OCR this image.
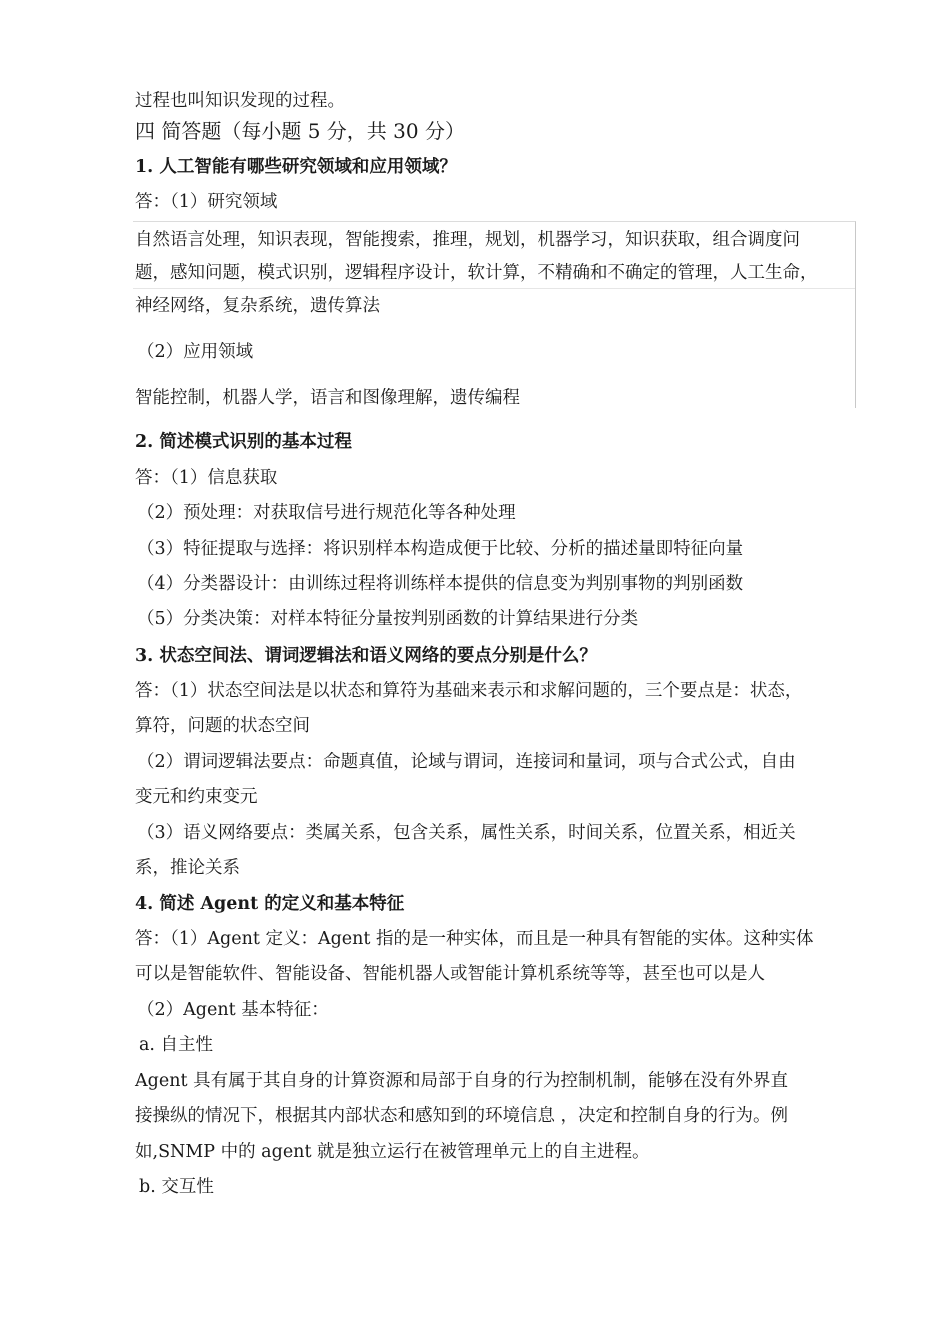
过程也叫知识发现的过程。
四 简答题（每小题 5 分，共 30 分）
1. 人工智能有哪些研究领域和应用领域？
答：（1）研究领域
自然语言处理，知识表现，智能搜索，推理，规划，机器学习，知识获取，组合调度问
题，感知问题，模式识别，逻辑程序设计，软计算，不精确和不确定的管理，人工生命，
神经网络，复杂系统，遗传算法
（2）应用领域
智能控制，机器人学，语言和图像理解，遗传编程
2. 简述模式识别的基本过程
答：（1）信息获取
（2）预处理：对获取信号进行规范化等各种处理
（3）特征提取与选择：将识别样本构造成便于比较、分析的描述量即特征向量
（4）分类器设计：由训练过程将训练样本提供的信息变为判别事物的判别函数
（5）分类决策：对样本特征分量按判别函数的计算结果进行分类
3. 状态空间法、谓词逻辑法和语义网络的要点分别是什么？
答：（1）状态空间法是以状态和算符为基础来表示和求解问题的，三个要点是：状态，
算符，问题的状态空间
（2）谓词逻辑法要点：命题真值，论域与谓词，连接词和量词，项与合式公式，自由
变元和约束变元
（3）语义网络要点：类属关系，包含关系，属性关系，时间关系，位置关系，相近关
系，推论关系
4. 简述 Agent 的定义和基本特征
答：（1）Agent 定义：Agent 指的是一种实体，而且是一种具有智能的实体。这种实体
可以是智能软件、智能设备、智能机器人或智能计算机系统等等，甚至也可以是人
（2）Agent 基本特征：
a. 自主性
Agent 具有属于其自身的计算资源和局部于自身的行为控制机制，能够在没有外界直
接操纵的情况下，根据其内部状态和感知到的环境信息 ，决定和控制自身的行为。例
如,SNMP 中的 agent 就是独立运行在被管理单元上的自主进程。
b. 交互性
